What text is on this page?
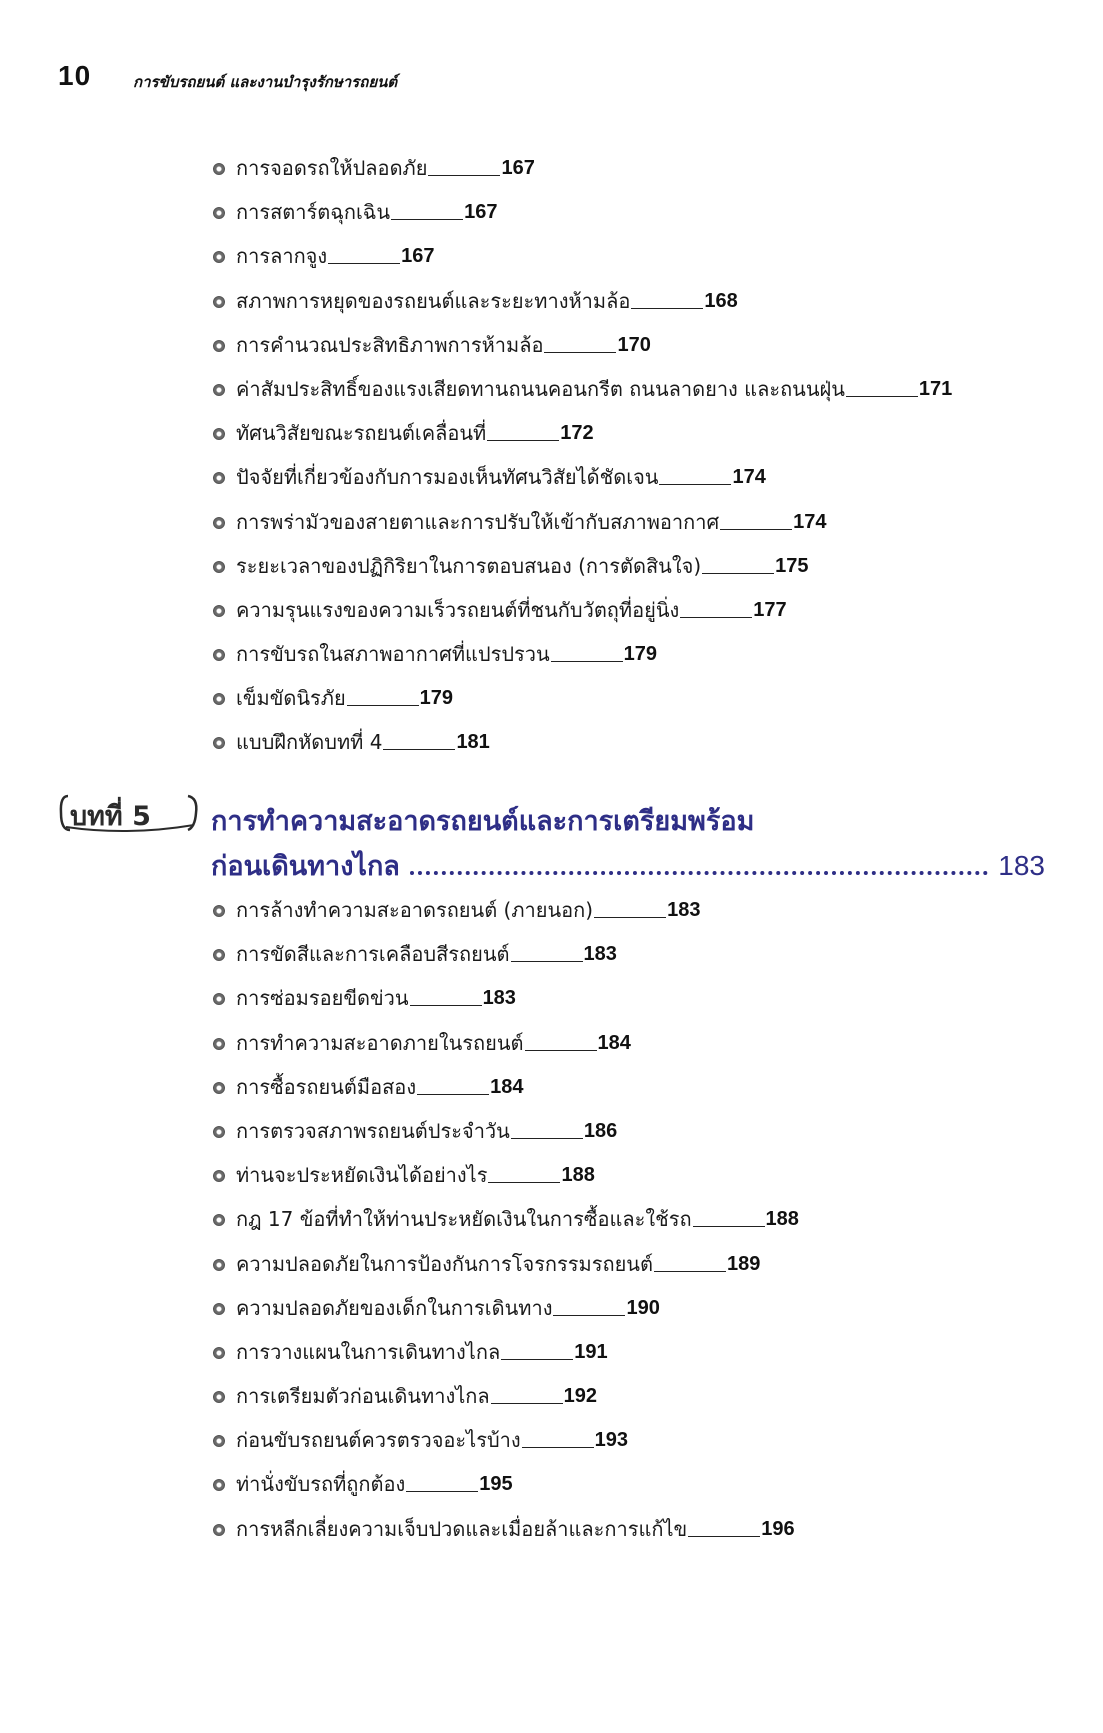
10	การขับรถยนต์ และงานบำรุงรักษารถยนต์
การจอดรถให้ปลอดภัย	167
การสตาร์ตฉุกเฉิน	167
การลากจูง	167
สภาพการหยุดของรถยนต์และระยะทางห้ามล้อ	168
การคำนวณประสิทธิภาพการห้ามล้อ	170
ค่าสัมประสิทธิ์ของแรงเสียดทานถนนคอนกรีต ถนนลาดยาง และถนนฝุ่น	171
ทัศนวิสัยขณะรถยนต์เคลื่อนที่	172
ปัจจัยที่เกี่ยวข้องกับการมองเห็นทัศนวิสัยได้ชัดเจน	174
การพร่ามัวของสายตาและการปรับให้เข้ากับสภาพอากาศ	174
ระยะเวลาของปฏิกิริยาในการตอบสนอง (การตัดสินใจ)	175
ความรุนแรงของความเร็วรถยนต์ที่ชนกับวัตถุที่อยู่นิ่ง	177
การขับรถในสภาพอากาศที่แปรปรวน	179
เข็มขัดนิรภัย	179
แบบฝึกหัดบทที่ 4	181
บทที่ 5 การทำความสะอาดรถยนต์และการเตรียมพร้อม
ก่อนเดินทางไกล	183
การล้างทำความสะอาดรถยนต์ (ภายนอก)	183
การขัดสีและการเคลือบสีรถยนต์	183
การซ่อมรอยขีดข่วน	183
การทำความสะอาดภายในรถยนต์	184
การซื้อรถยนต์มือสอง	184
การตรวจสภาพรถยนต์ประจำวัน	186
ท่านจะประหยัดเงินได้อย่างไร	188
กฎ 17 ข้อที่ทำให้ท่านประหยัดเงินในการซื้อและใช้รถ	188
ความปลอดภัยในการป้องกันการโจรกรรมรถยนต์	189
ความปลอดภัยของเด็กในการเดินทาง	190
การวางแผนในการเดินทางไกล	191
การเตรียมตัวก่อนเดินทางไกล	192
ก่อนขับรถยนต์ควรตรวจอะไรบ้าง	193
ท่านั่งขับรถที่ถูกต้อง	195
การหลีกเลี่ยงความเจ็บปวดและเมื่อยล้าและการแก้ไข	196
